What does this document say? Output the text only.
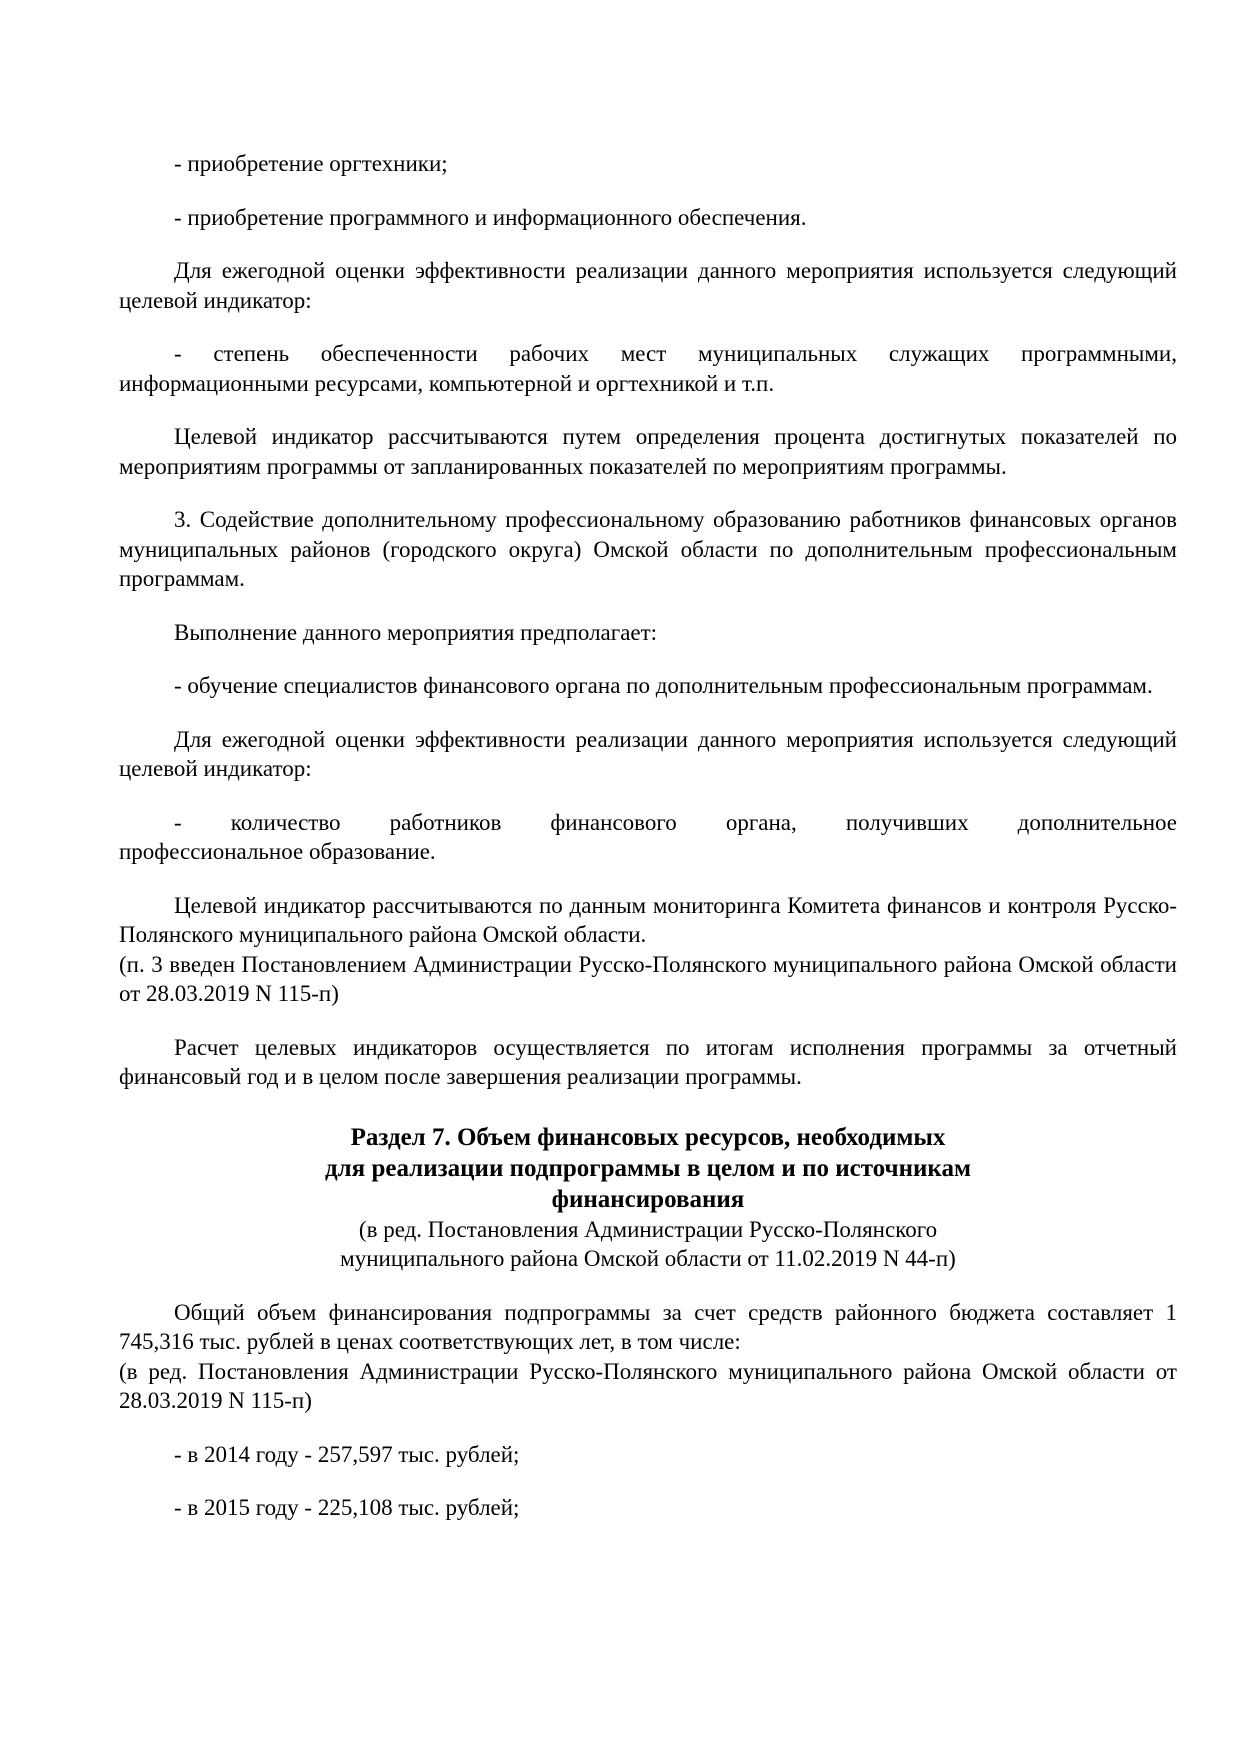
- приобретение оргтехники;

- приобретение программного и информационного обеспечения.

Для ежегодной оценки эффективности реализации данного мероприятия используется следующий целевой индикатор:

- степень обеспеченности рабочих мест муниципальных служащих программными, информационными ресурсами, компьютерной и оргтехникой и т.п.

Целевой индикатор рассчитываются путем определения процента достигнутых показателей по мероприятиям программы от запланированных показателей по мероприятиям программы.

3. Содействие дополнительному профессиональному образованию работников финансовых органов муниципальных районов (городского округа) Омской области по дополнительным профессиональным программам.

Выполнение данного мероприятия предполагает:

- обучение специалистов финансового органа по дополнительным профессиональным программам.

Для ежегодной оценки эффективности реализации данного мероприятия используется следующий целевой индикатор:

-    количество    работников    финансового    органа,    получивших    дополнительное

профессиональное образование.

Целевой индикатор рассчитываются по данным мониторинга Комитета финансов и контроля Русско-Полянского муниципального района Омской области.

(п. 3 введен Постановлением Администрации Русско-Полянского муниципального района Омской области от 28.03.2019 N 115-п)

Расчет целевых индикаторов осуществляется по итогам исполнения программы за отчетный финансовый год и в целом после завершения реализации программы.

Раздел 7. Объем финансовых ресурсов, необходимых

для реализации подпрограммы в целом и по источникам

финансирования

(в ред. Постановления Администрации Русско-Полянского

муниципального района Омской области от 11.02.2019 N 44-п)

Общий объем финансирования подпрограммы за счет средств районного бюджета составляет 1 745,316 тыс. рублей в ценах соответствующих лет, в том числе:

(в ред. Постановления Администрации Русско-Полянского муниципального района Омской области от 28.03.2019 N 115-п)

- в 2014 году - 257,597 тыс. рублей;

- в 2015 году - 225,108 тыс. рублей;
